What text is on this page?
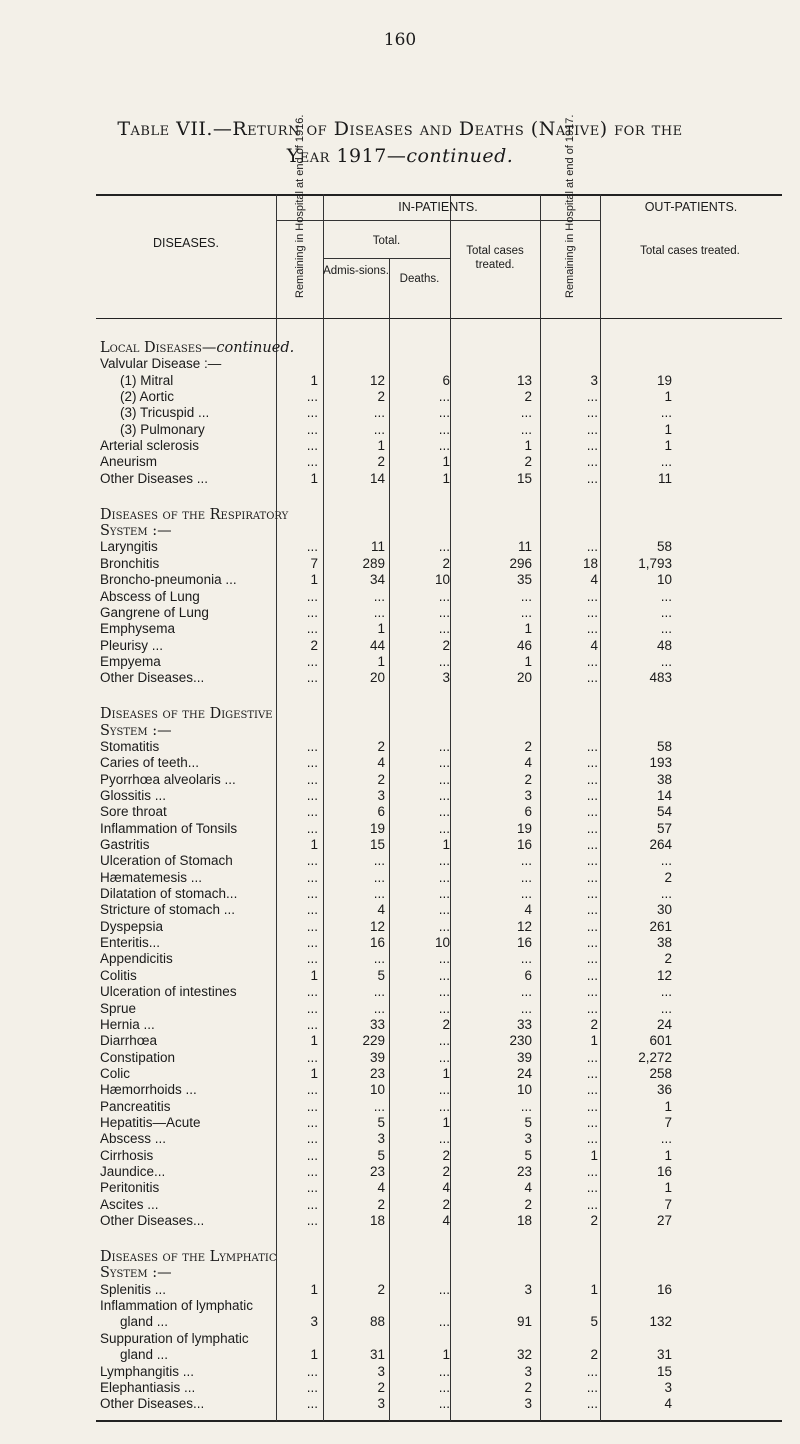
160
Table VII.—Return of Diseases and Deaths (Native) for the
Year 1917—continued.
DISEASES.
IN-PATIENTS.	OUT-PATIENTS.
Remaining in Hospital at end of 1916.	Total.
Admis-sions.
Deaths.
Total cases treated.	Remaining in Hospital at end of 1917.	Total cases treated.
Local Diseases—continued.
Valvular Disease :—
(1) Mitral	1	12	6	13	3	19
(2) Aortic	...	2	...	2	...	1
(3) Tricuspid ...	...	...	...	...	...	...
(3) Pulmonary	...	...	...	...	...	1
Arterial sclerosis	...	1	...	1	...	1
Aneurism	...	2	1	2	...	...
Other Diseases ...	1	14	1	15	...	11
Diseases of the Respiratory
System :—
Laryngitis	...	11	...	11	...	58
Bronchitis	7	289	2	296	18	1,793
Broncho-pneumonia ...	1	34	10	35	4	10
Abscess of Lung	...	...	...	...	...	...
Gangrene of Lung	...	...	...	...	...	...
Emphysema	...	1	...	1	...	...
Pleurisy ...	2	44	2	46	4	48
Empyema	...	1	...	1	...	...
Other Diseases...	...	20	3	20	...	483
Diseases of the Digestive
System :—
Stomatitis	...	2	...	2	...	58
Caries of teeth...	...	4	...	4	...	193
Pyorrhœa alveolaris ...	...	2	...	2	...	38
Glossitis ...	...	3	...	3	...	14
Sore throat	...	6	...	6	...	54
Inflammation of Tonsils	...	19	...	19	...	57
Gastritis	1	15	1	16	...	264
Ulceration of Stomach	...	...	...	...	...	...
Hæmatemesis ...	...	...	...	...	...	2
Dilatation of stomach...	...	...	...	...	...	...
Stricture of stomach ...	...	4	...	4	...	30
Dyspepsia	...	12	...	12	...	261
Enteritis...	...	16	10	16	...	38
Appendicitis	...	...	...	...	...	2
Colitis	1	5	...	6	...	12
Ulceration of intestines	...	...	...	...	...	...
Sprue	...	...	...	...	...	...
Hernia ...	...	33	2	33	2	24
Diarrhœa	1	229	...	230	1	601
Constipation	...	39	...	39	...	2,272
Colic	1	23	1	24	...	258
Hæmorrhoids ...	...	10	...	10	...	36
Pancreatitis	...	...	...	...	...	1
Hepatitis—Acute	...	5	1	5	...	7
Abscess ...	...	3	...	3	...	...
Cirrhosis	...	5	2	5	1	1
Jaundice...	...	23	2	23	...	16
Peritonitis	...	4	4	4	...	1
Ascites ...	...	2	2	2	...	7
Other Diseases...	...	18	4	18	2	27
Diseases of the Lymphatic
System :—
Splenitis ...	1	2	...	3	1	16
Inflammation of lymphatic
gland ...	3	88	...	91	5	132
Suppuration of lymphatic
gland ...	1	31	1	32	2	31
Lymphangitis ...	...	3	...	3	...	15
Elephantiasis ...	...	2	...	2	...	3
Other Diseases...	...	3	...	3	...	4
